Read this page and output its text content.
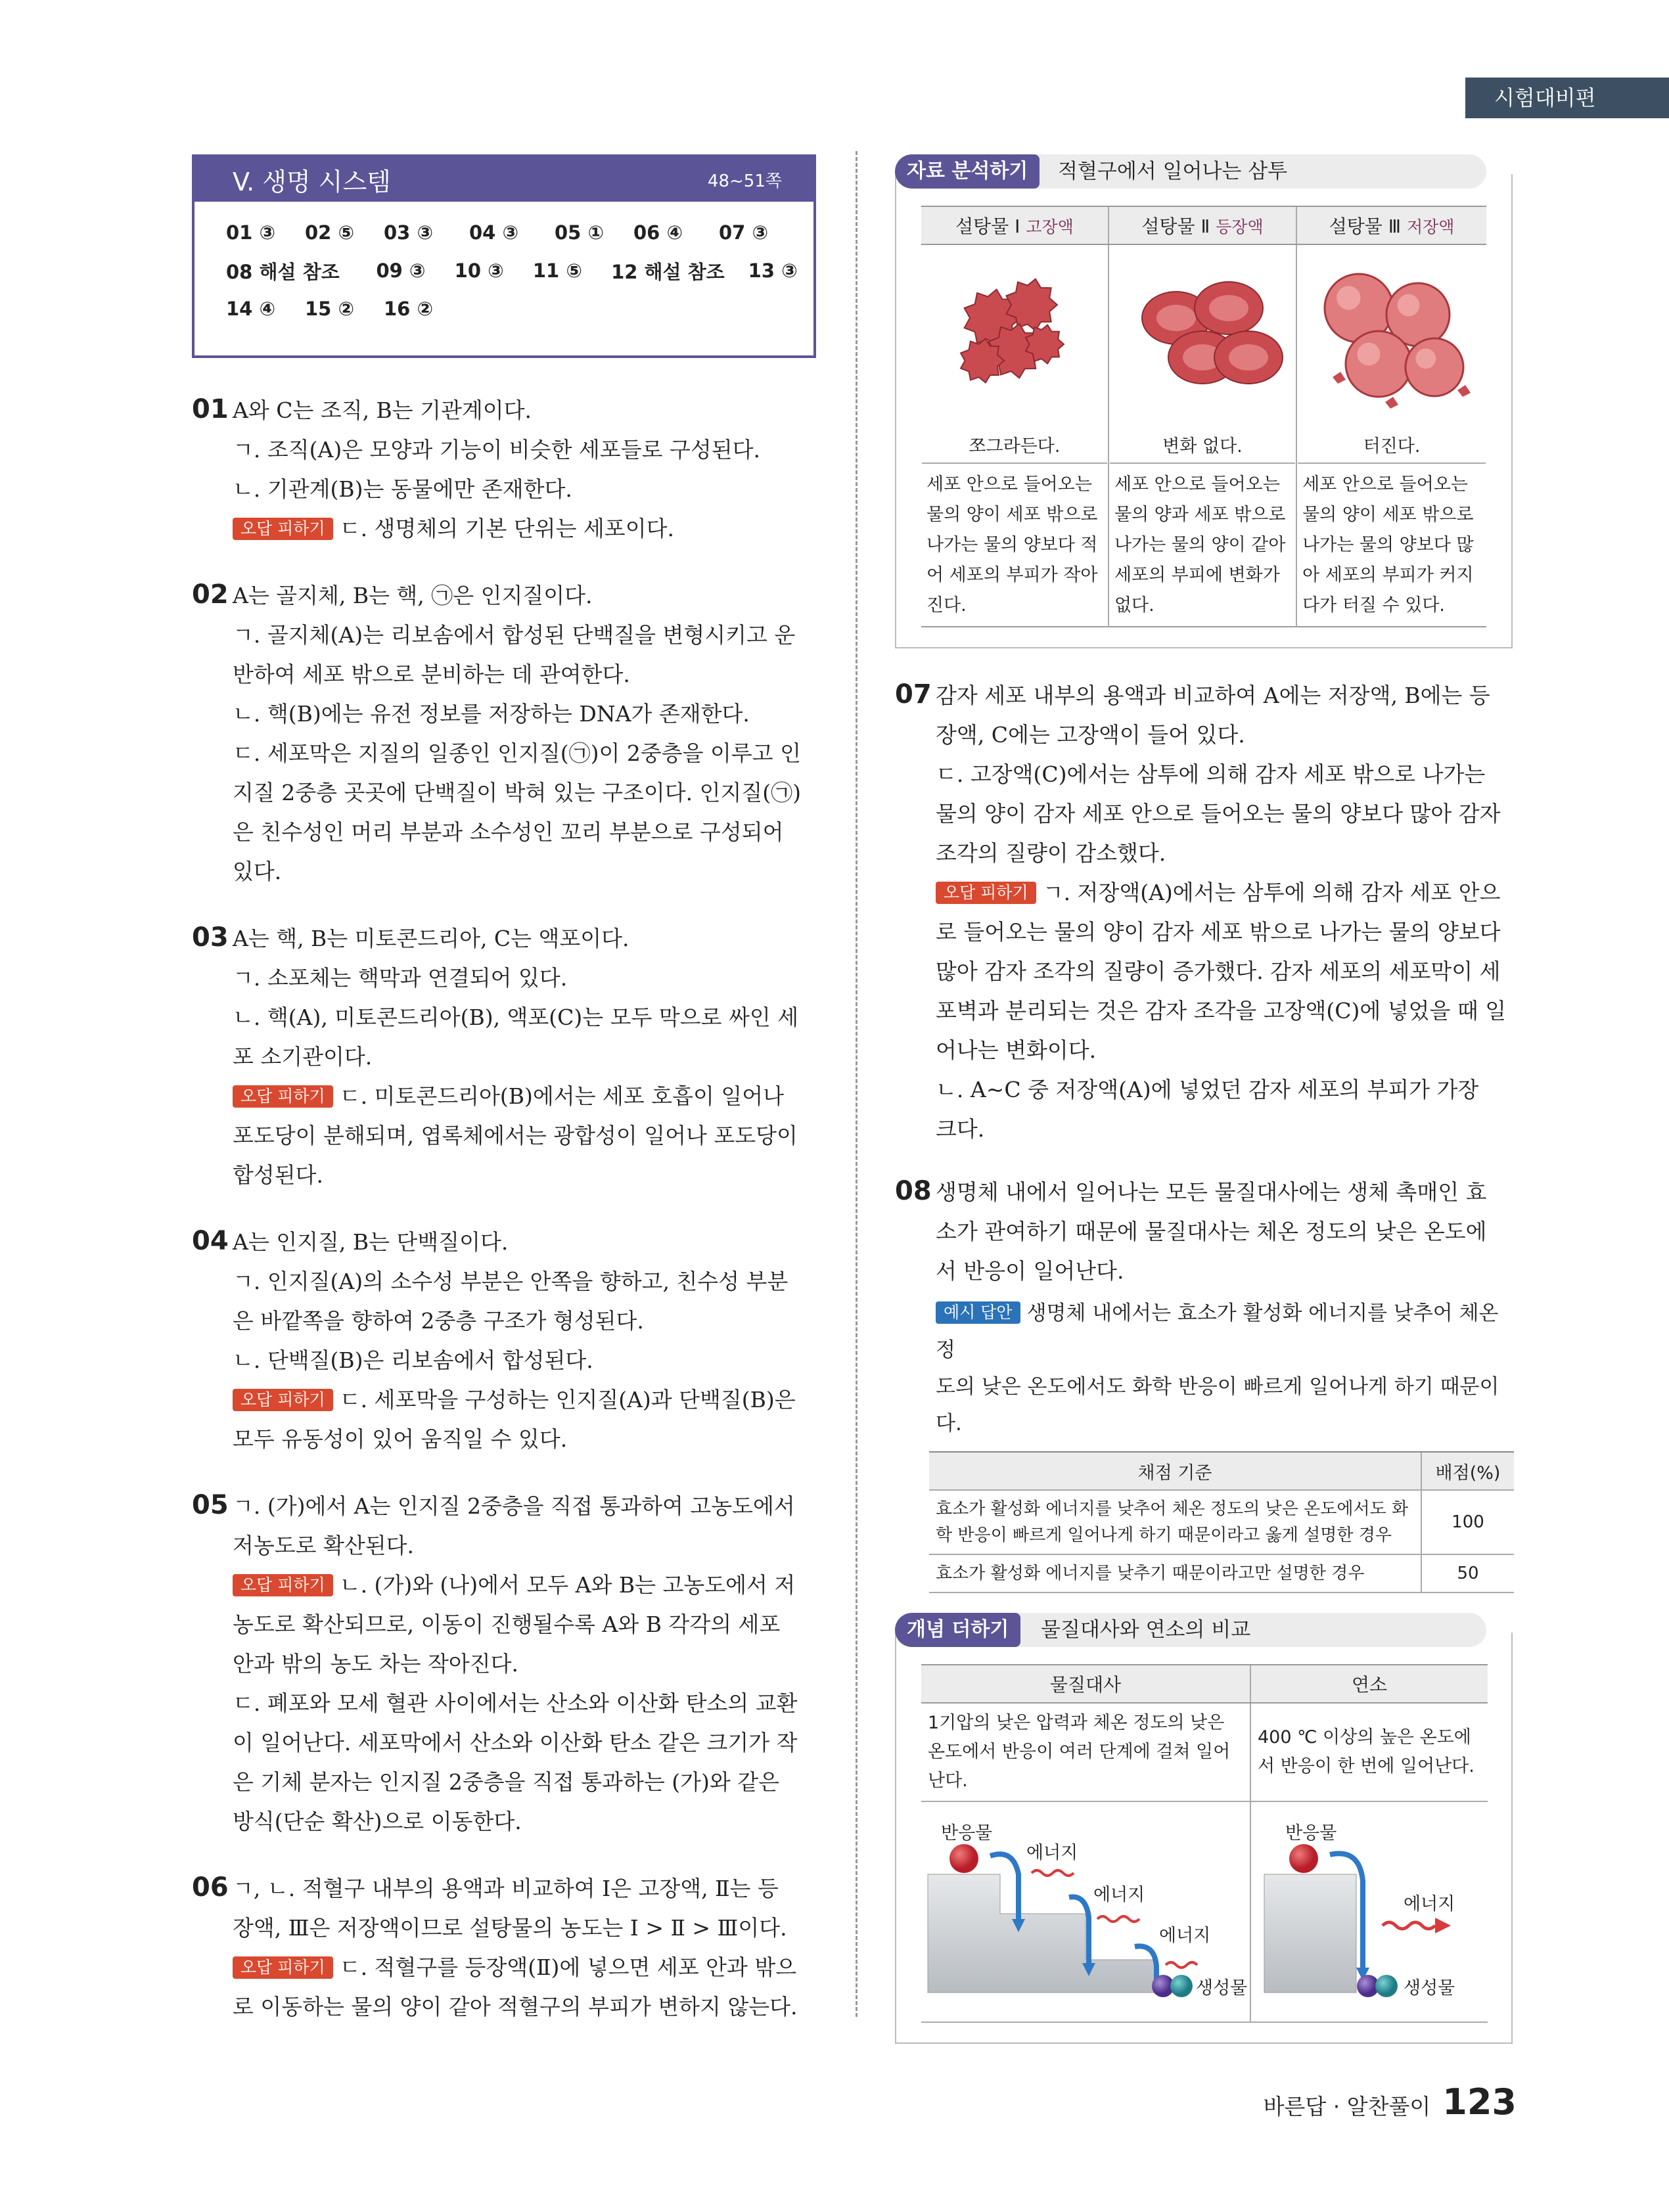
시험대비편
V. 생명 시스템	48~51쪽
01 ③	02 ⑤	03 ③	04 ③	05 ①	06 ④	07 ③
08 해설 참조	09 ③	10 ③	11 ⑤	12 해설 참조	13 ③
14 ④	15 ②	16 ②
01 A와 C는 조직, B는 기관계이다.
ㄱ. 조직(A)은 모양과 기능이 비슷한 세포들로 구성된다.
ㄴ. 기관계(B)는 동물에만 존재한다.
오답 피하기 ㄷ. 생명체의 기본 단위는 세포이다.
02 A는 골지체, B는 핵, ㉠은 인지질이다.
ㄱ. 골지체(A)는 리보솜에서 합성된 단백질을 변형시키고 운
반하여 세포 밖으로 분비하는 데 관여한다.
ㄴ. 핵(B)에는 유전 정보를 저장하는 DNA가 존재한다.
ㄷ. 세포막은 지질의 일종인 인지질(㉠)이 2중층을 이루고 인
지질 2중층 곳곳에 단백질이 박혀 있는 구조이다. 인지질(㉠)
은 친수성인 머리 부분과 소수성인 꼬리 부분으로 구성되어
있다.
03 A는 핵, B는 미토콘드리아, C는 액포이다.
ㄱ. 소포체는 핵막과 연결되어 있다.
ㄴ. 핵(A), 미토콘드리아(B), 액포(C)는 모두 막으로 싸인 세
포 소기관이다.
오답 피하기 ㄷ. 미토콘드리아(B)에서는 세포 호흡이 일어나
포도당이 분해되며, 엽록체에서는 광합성이 일어나 포도당이
합성된다.
04 A는 인지질, B는 단백질이다.
ㄱ. 인지질(A)의 소수성 부분은 안쪽을 향하고, 친수성 부분
은 바깥쪽을 향하여 2중층 구조가 형성된다.
ㄴ. 단백질(B)은 리보솜에서 합성된다.
오답 피하기 ㄷ. 세포막을 구성하는 인지질(A)과 단백질(B)은
모두 유동성이 있어 움직일 수 있다.
05 ㄱ. (가)에서 A는 인지질 2중층을 직접 통과하여 고농도에서
저농도로 확산된다.
오답 피하기 ㄴ. (가)와 (나)에서 모두 A와 B는 고농도에서 저
농도로 확산되므로, 이동이 진행될수록 A와 B 각각의 세포
안과 밖의 농도 차는 작아진다.
ㄷ. 폐포와 모세 혈관 사이에서는 산소와 이산화 탄소의 교환
이 일어난다. 세포막에서 산소와 이산화 탄소 같은 크기가 작
은 기체 분자는 인지질 2중층을 직접 통과하는 (가)와 같은
방식(단순 확산)으로 이동한다.
06 ㄱ, ㄴ. 적혈구 내부의 용액과 비교하여 Ⅰ은 고장액, Ⅱ는 등
장액, Ⅲ은 저장액이므로 설탕물의 농도는 Ⅰ > Ⅱ > Ⅲ이다.
오답 피하기 ㄷ. 적혈구를 등장액(Ⅱ)에 넣으면 세포 안과 밖으
로 이동하는 물의 양이 같아 적혈구의 부피가 변하지 않는다.
자료 분석하기	적혈구에서 일어나는 삼투
설탕물 Ⅰ 고장액	설탕물 Ⅱ 등장액	설탕물 Ⅲ 저장액

쪼그라든다.	변화 없다.	터진다.

세포 안으로 들어오는 물의 양이 세포 밖으로 나가는 물의 양보다 적어 세포의 부피가 작아진다.	세포 안으로 들어오는 물의 양과 세포 밖으로 나가는 물의 양이 같아 세포의 부피에 변화가 없다.	세포 안으로 들어오는 물의 양이 세포 밖으로 나가는 물의 양보다 많아 세포의 부피가 커지다가 터질 수 있다.
07 감자 세포 내부의 용액과 비교하여 A에는 저장액, B에는 등
장액, C에는 고장액이 들어 있다.
ㄷ. 고장액(C)에서는 삼투에 의해 감자 세포 밖으로 나가는
물의 양이 감자 세포 안으로 들어오는 물의 양보다 많아 감자
조각의 질량이 감소했다.
오답 피하기 ㄱ. 저장액(A)에서는 삼투에 의해 감자 세포 안으
로 들어오는 물의 양이 감자 세포 밖으로 나가는 물의 양보다
많아 감자 조각의 질량이 증가했다. 감자 세포의 세포막이 세
포벽과 분리되는 것은 감자 조각을 고장액(C)에 넣었을 때 일
어나는 변화이다.
ㄴ. A~C 중 저장액(A)에 넣었던 감자 세포의 부피가 가장
크다.
08 생명체 내에서 일어나는 모든 물질대사에는 생체 촉매인 효
소가 관여하기 때문에 물질대사는 체온 정도의 낮은 온도에
서 반응이 일어난다.
예시 답안 생명체 내에서는 효소가 활성화 에너지를 낮추어 체온 정
도의 낮은 온도에서도 화학 반응이 빠르게 일어나게 하기 때문이다.
채점 기준	배점(%)
효소가 활성화 에너지를 낮추어 체온 정도의 낮은 온도에서도 화학 반응이 빠르게 일어나게 하기 때문이라고 옳게 설명한 경우	100
효소가 활성화 에너지를 낮추기 때문이라고만 설명한 경우	50
개념 더하기	물질대사와 연소의 비교
물질대사	연소
1기압의 낮은 압력과 체온 정도의 낮은 온도에서 반응이 여러 단계에 걸쳐 일어난다.	400 ℃ 이상의 높은 온도에서 반응이 한 번에 일어난다.

반응물
에너지
에너지
에너지
생성물	반응물
에너지
생성물
바른답 · 알찬풀이 123
